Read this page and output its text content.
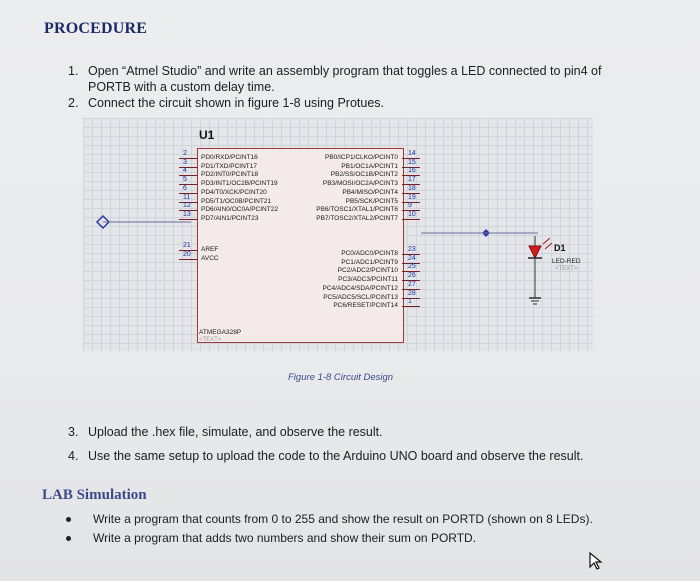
PROCEDURE
1. Open “Atmel Studio” and write an assembly program that toggles a LED connected to pin4 of
PORTB with a custom delay time.
2. Connect the circuit shown in figure 1-8 using Protues.
U1
ATMEGA328P
<TEXT>
D1
LED-RED
<TEXT>
2
PD0/RXD/PCINT16
3
PD1/TXD/PCINT17
4
PD2/INT0/PCINT18
5
PD3/INT1/OC2B/PCINT19
6
PD4/T0/XCK/PCINT20
11
PD5/T1/OC0B/PCINT21
12
PD6/AIN0/OC0A/PCINT22
13
PD7/AIN1/PCINT23
21
AREF
20
AVCC
14
PB0/ICP1/CLKO/PCINT0
15
PB1/OC1A/PCINT1
16
PB2/SS/OC1B/PCINT2
17
PB3/MOSI/OC2A/PCINT3
18
PB4/MISO/PCINT4
19
PB5/SCK/PCINT5
9
PB6/TOSC1/XTAL1/PCINT6
10
PB7/TOSC2/XTAL2/PCINT7
23
PC0/ADC0/PCINT8
24
PC1/ADC1/PCINT9
25
PC2/ADC2/PCINT10
26
PC3/ADC3/PCINT11
27
PC4/ADC4/SDA/PCINT12
28
PC5/ADC5/SCL/PCINT13
1
PC6/RESET/PCINT14
Figure 1-8 Circuit Design
3. Upload the .hex file, simulate, and observe the result.
4. Use the same setup to upload the code to the Arduino UNO board and observe the result.
LAB Simulation
Write a program that counts from 0 to 255 and show the result on PORTD (shown on 8 LEDs).
Write a program that adds two numbers and show their sum on PORTD.
